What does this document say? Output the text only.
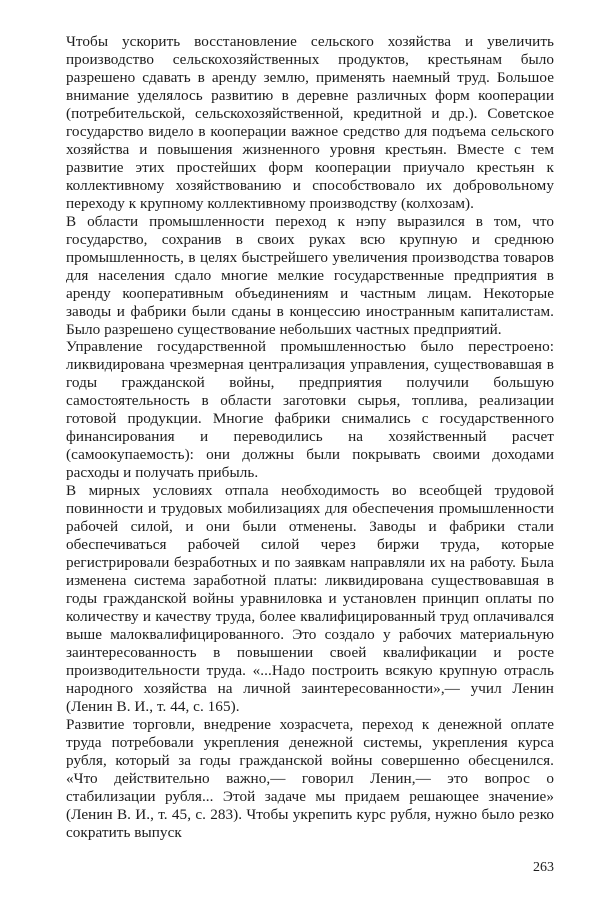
Чтобы ускорить восстановление сельского хозяйства и увеличить производство сельскохозяйственных продуктов, крестьянам было разрешено сдавать в аренду землю, применять наемный труд. Большое внимание уделялось развитию в деревне различных форм кооперации (потребительской, сельскохозяйственной, кредитной и др.). Советское государство видело в кооперации важное средство для подъема сельского хозяйства и повышения жизненного уровня крестьян. Вместе с тем развитие этих простейших форм кооперации приучало крестьян к коллективному хозяйствованию и способствовало их добровольному переходу к крупному коллективному производству (колхозам).

В области промышленности переход к нэпу выразился в том, что государство, сохранив в своих руках всю крупную и среднюю промышленность, в целях быстрейшего увеличения производства товаров для населения сдало многие мелкие государственные предприятия в аренду кооперативным объединениям и частным лицам. Некоторые заводы и фабрики были сданы в концессию иностранным капиталистам. Было разрешено существование небольших частных предприятий.

Управление государственной промышленностью было перестроено: ликвидирована чрезмерная централизация управления, существовавшая в годы гражданской войны, предприятия получили большую самостоятельность в области заготовки сырья, топлива, реализации готовой продукции. Многие фабрики снимались с государственного финансирования и переводились на хозяйственный расчет (самоокупаемость): они должны были покрывать своими доходами расходы и получать прибыль.

В мирных условиях отпала необходимость во всеобщей трудовой повинности и трудовых мобилизациях для обеспечения промышленности рабочей силой, и они были отменены. Заводы и фабрики стали обеспечиваться рабочей силой через биржи труда, которые регистрировали безработных и по заявкам направляли их на работу. Была изменена система заработной платы: ликвидирована существовавшая в годы гражданской войны уравниловка и установлен принцип оплаты по количеству и качеству труда, более квалифицированный труд оплачивался выше малоквалифицированного. Это создало у рабочих материальную заинтересованность в повышении своей квалификации и росте производительности труда. «...Надо построить всякую крупную отрасль народного хозяйства на личной заинтересованности»,— учил Ленин (Ленин В. И., т. 44, с. 165).

Развитие торговли, внедрение хозрасчета, переход к денежной оплате труда потребовали укрепления денежной системы, укрепления курса рубля, который за годы гражданской войны совершенно обесценился. «Что действительно важно,— говорил Ленин,— это вопрос о стабилизации рубля... Этой задаче мы придаем решающее значение» (Ленин В. И., т. 45, с. 283). Чтобы укрепить курс рубля, нужно было резко сократить выпуск

263
